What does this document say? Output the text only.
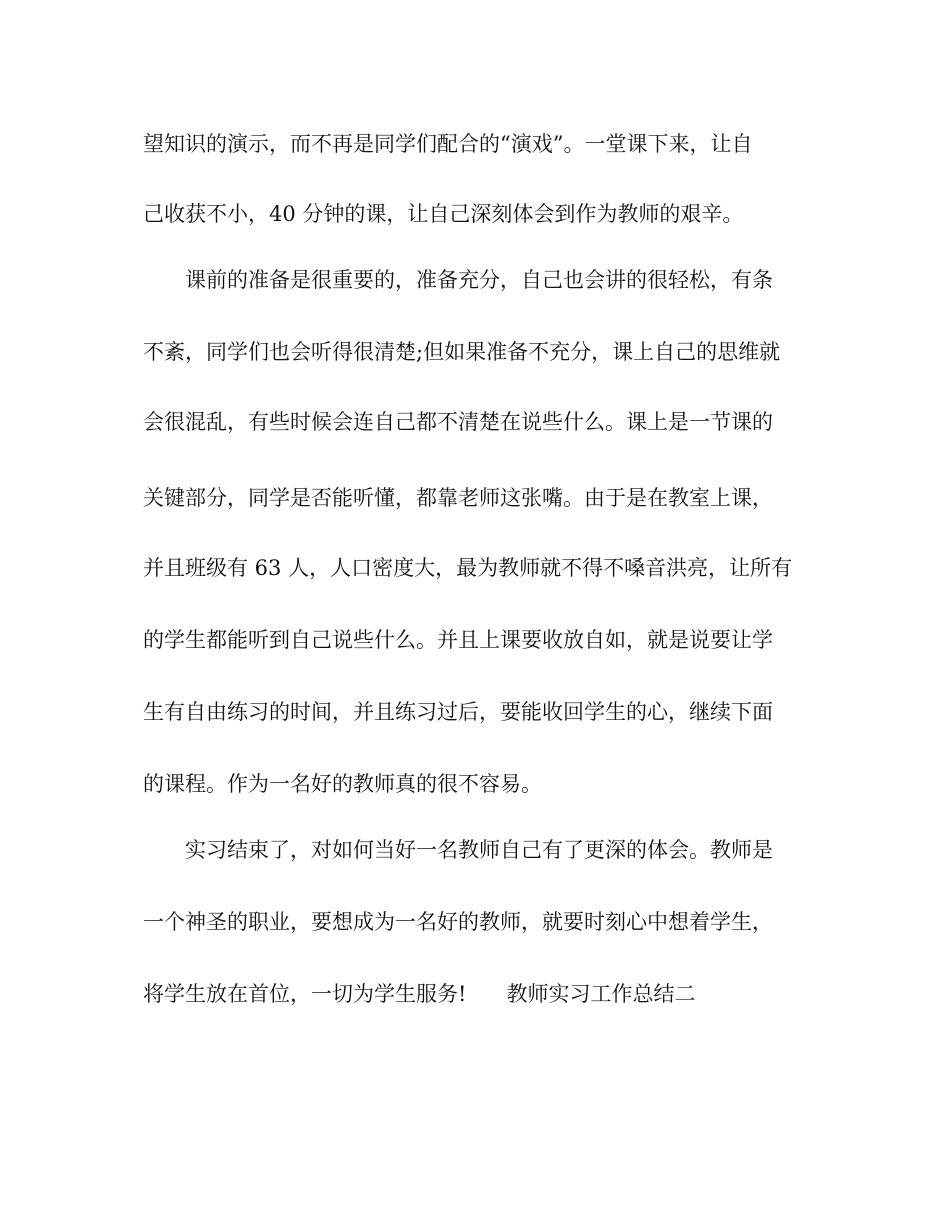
望知识的演示，而不再是同学们配合的“演戏”。一堂课下来，让自
己收获不小，40 分钟的课，让自己深刻体会到作为教师的艰辛。
课前的准备是很重要的，准备充分，自己也会讲的很轻松，有条
不紊，同学们也会听得很清楚;但如果准备不充分，课上自己的思维就
会很混乱，有些时候会连自己都不清楚在说些什么。课上是一节课的
关键部分，同学是否能听懂，都靠老师这张嘴。由于是在教室上课，
并且班级有 63 人，人口密度大，最为教师就不得不嗓音洪亮，让所有
的学生都能听到自己说些什么。并且上课要收放自如，就是说要让学
生有自由练习的时间，并且练习过后，要能收回学生的心，继续下面
的课程。作为一名好的教师真的很不容易。
实习结束了，对如何当好一名教师自己有了更深的体会。教师是
一个神圣的职业，要想成为一名好的教师，就要时刻心中想着学生，
将学生放在首位，一切为学生服务!      教师实习工作总结二
